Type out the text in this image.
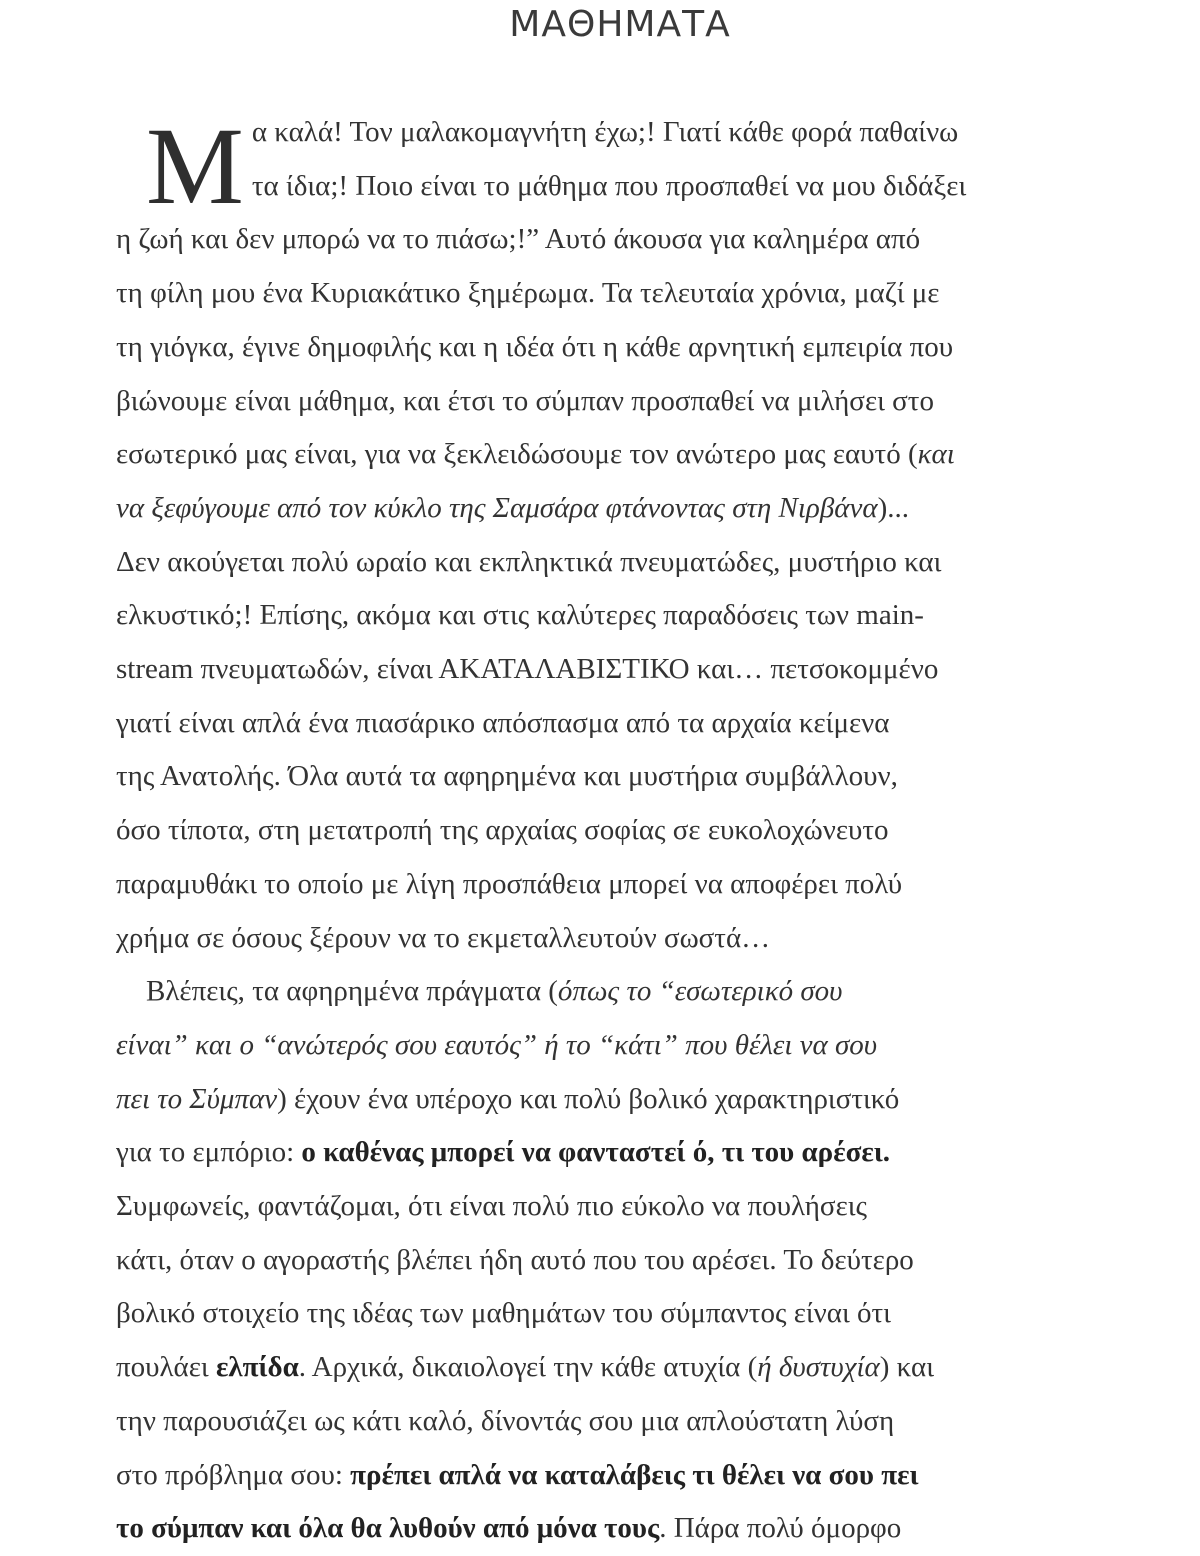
ΜΑΘΗΜΑΤΑ

Μ α καλά! Τον μαλακομαγνήτη έχω;! Γιατί κάθε φορά παθαίνω
τα ίδια;! Ποιο είναι το μάθημα που προσπαθεί να μου διδάξει
η ζωή και δεν μπορώ να το πιάσω;!” Αυτό άκουσα για καλημέρα από
τη φίλη μου ένα Κυριακάτικο ξημέρωμα. Τα τελευταία χρόνια, μαζί με
τη γιόγκα, έγινε δημοφιλής και η ιδέα ότι η κάθε αρνητική εμπειρία που
βιώνουμε είναι μάθημα, και έτσι το σύμπαν προσπαθεί να μιλήσει στο
εσωτερικό μας είναι, για να ξεκλειδώσουμε τον ανώτερο μας εαυτό (και
να ξεφύγουμε από τον κύκλο της Σαμσάρα φτάνοντας στη Νιρβάνα)...
Δεν ακούγεται πολύ ωραίο και εκπληκτικά πνευματώδες, μυστήριο και
ελκυστικό;! Επίσης, ακόμα και στις καλύτερες παραδόσεις των main-
stream πνευματωδών, είναι ΑΚΑΤΑΛΑΒΙΣΤΙΚΟ και… πετσοκομμένο
γιατί είναι απλά ένα πιασάρικο απόσπασμα από τα αρχαία κείμενα
της Ανατολής. Όλα αυτά τα αφηρημένα και μυστήρια συμβάλλουν,
όσο τίποτα, στη μετατροπή της αρχαίας σοφίας σε ευκολοχώνευτο
παραμυθάκι το οποίο με λίγη προσπάθεια μπορεί να αποφέρει πολύ
χρήμα σε όσους ξέρουν να το εκμεταλλευτούν σωστά…

Βλέπεις, τα αφηρημένα πράγματα (όπως το “εσωτερικό σου

είναι” και ο “ανώτερός σου εαυτός” ή το “κάτι” που θέλει να σου
πει το Σύμπαν) έχουν ένα υπέροχο και πολύ βολικό χαρακτηριστικό
για το εμπόριο: ο καθένας μπορεί να φανταστεί ό, τι του αρέσει.
Συμφωνείς, φαντάζομαι, ότι είναι πολύ πιο εύκολο να πουλήσεις
κάτι, όταν ο αγοραστής βλέπει ήδη αυτό που του αρέσει. Το δεύτερο
βολικό στοιχείο της ιδέας των μαθημάτων του σύμπαντος είναι ότι
πουλάει ελπίδα. Αρχικά, δικαιολογεί την κάθε ατυχία (ή δυστυχία) και
την παρουσιάζει ως κάτι καλό, δίνοντάς σου μια απλούστατη λύση
στο πρόβλημα σου: πρέπει απλά να καταλάβεις τι θέλει να σου πει
το σύμπαν και όλα θα λυθούν από μόνα τους. Πάρα πολύ όμορφο
